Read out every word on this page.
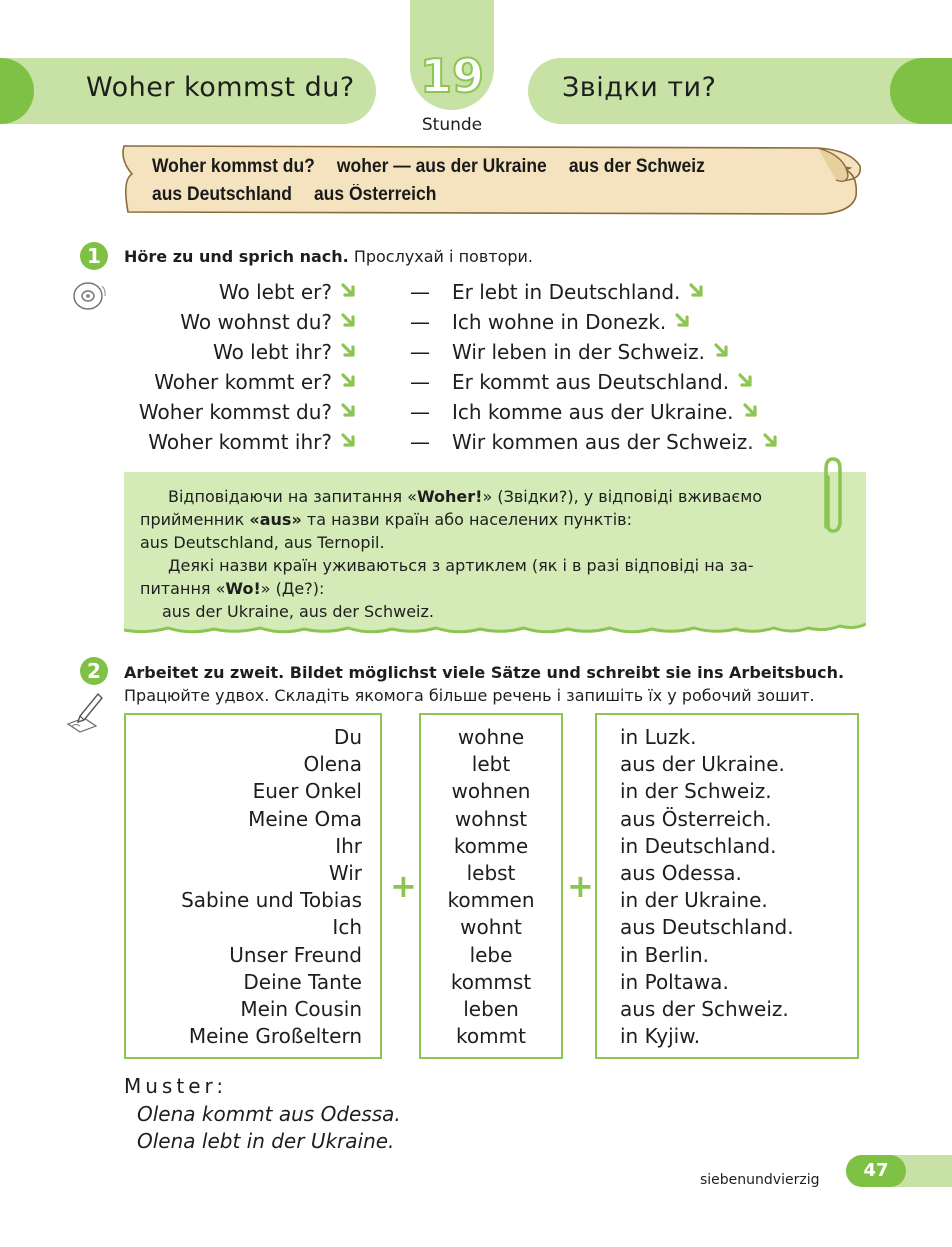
Woher kommst du?	Звідки ти?
19
Stunde
Woher kommst du? woher — aus der Ukraine aus der Schweiz
aus Deutschland aus Österreich
1	Höre zu und sprich nach. Прослухай і повтори.
Wo lebt er?	— Er lebt in Deutschland.
Wo wohnst du?	— Ich wohne in Donezk.
Wo lebt ihr?	— Wir leben in der Schweiz.
Woher kommt er?	— Er kommt aus Deutschland.
Woher kommst du?	— Ich komme aus der Ukraine.
Woher kommt ihr?	— Wir kommen aus der Schweiz.
Відповідаючи на запитання «Woher!» (Звідки?), у відповіді вживаємо
прийменник «aus» та назви країн або населених пунктів:
aus Deutschland, aus Ternopil.
Деякі назви країн уживаються з артиклем (як і в разі відповіді на за-
питання «Wo!» (Де?):
aus der Ukraine, aus der Schweiz.
2	Arbeitet zu zweit. Bildet möglichst viele Sätze und schreibt sie ins Arbeitsbuch.
Працюйте удвох. Складіть якомога більше речень і запишіть їх у робочий зошит.
Du
Olena
Euer Onkel
Meine Oma
Ihr
Wir
Sabine und Tobias
Ich
Unser Freund
Deine Tante
Mein Cousin
Meine Großeltern
+
wohne
lebt
wohnen
wohnst
komme
lebst
kommen
wohnt
lebe
kommst
leben
kommt
+
in Luzk.
aus der Ukraine.
in der Schweiz.
aus Österreich.
in Deutschland.
aus Odessa.
in der Ukraine.
aus Deutschland.
in Berlin.
in Poltawa.
aus der Schweiz.
in Kyjiw.
Muster:
Olena kommt aus Odessa.
Olena lebt in der Ukraine.
siebenundvierzig	47
